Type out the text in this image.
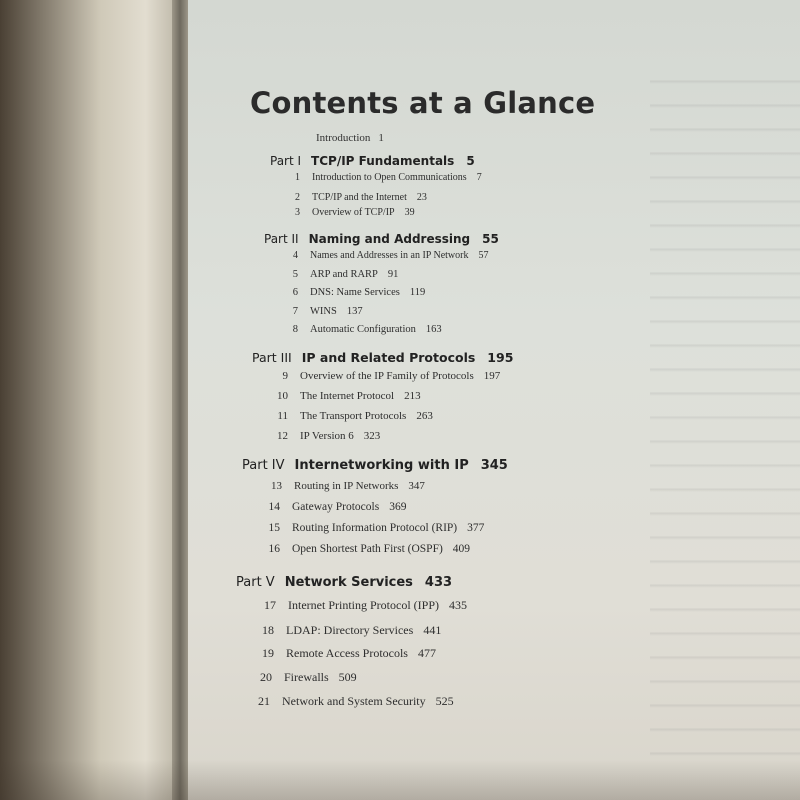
Contents at a Glance
Introduction 1
Part I TCP/IP Fundamentals 5
1 Introduction to Open Communications 7
2 TCP/IP and the Internet 23
3 Overview of TCP/IP 39
Part II Naming and Addressing 55
4 Names and Addresses in an IP Network 57
5 ARP and RARP 91
6 DNS: Name Services 119
7 WINS 137
8 Automatic Configuration 163
Part III IP and Related Protocols 195
9 Overview of the IP Family of Protocols 197
10 The Internet Protocol 213
11 The Transport Protocols 263
12 IP Version 6 323
Part IV Internetworking with IP 345
13 Routing in IP Networks 347
14 Gateway Protocols 369
15 Routing Information Protocol (RIP) 377
16 Open Shortest Path First (OSPF) 409
Part V Network Services 433
17 Internet Printing Protocol (IPP) 435
18 LDAP: Directory Services 441
19 Remote Access Protocols 477
20 Firewalls 509
21 Network and System Security 525
